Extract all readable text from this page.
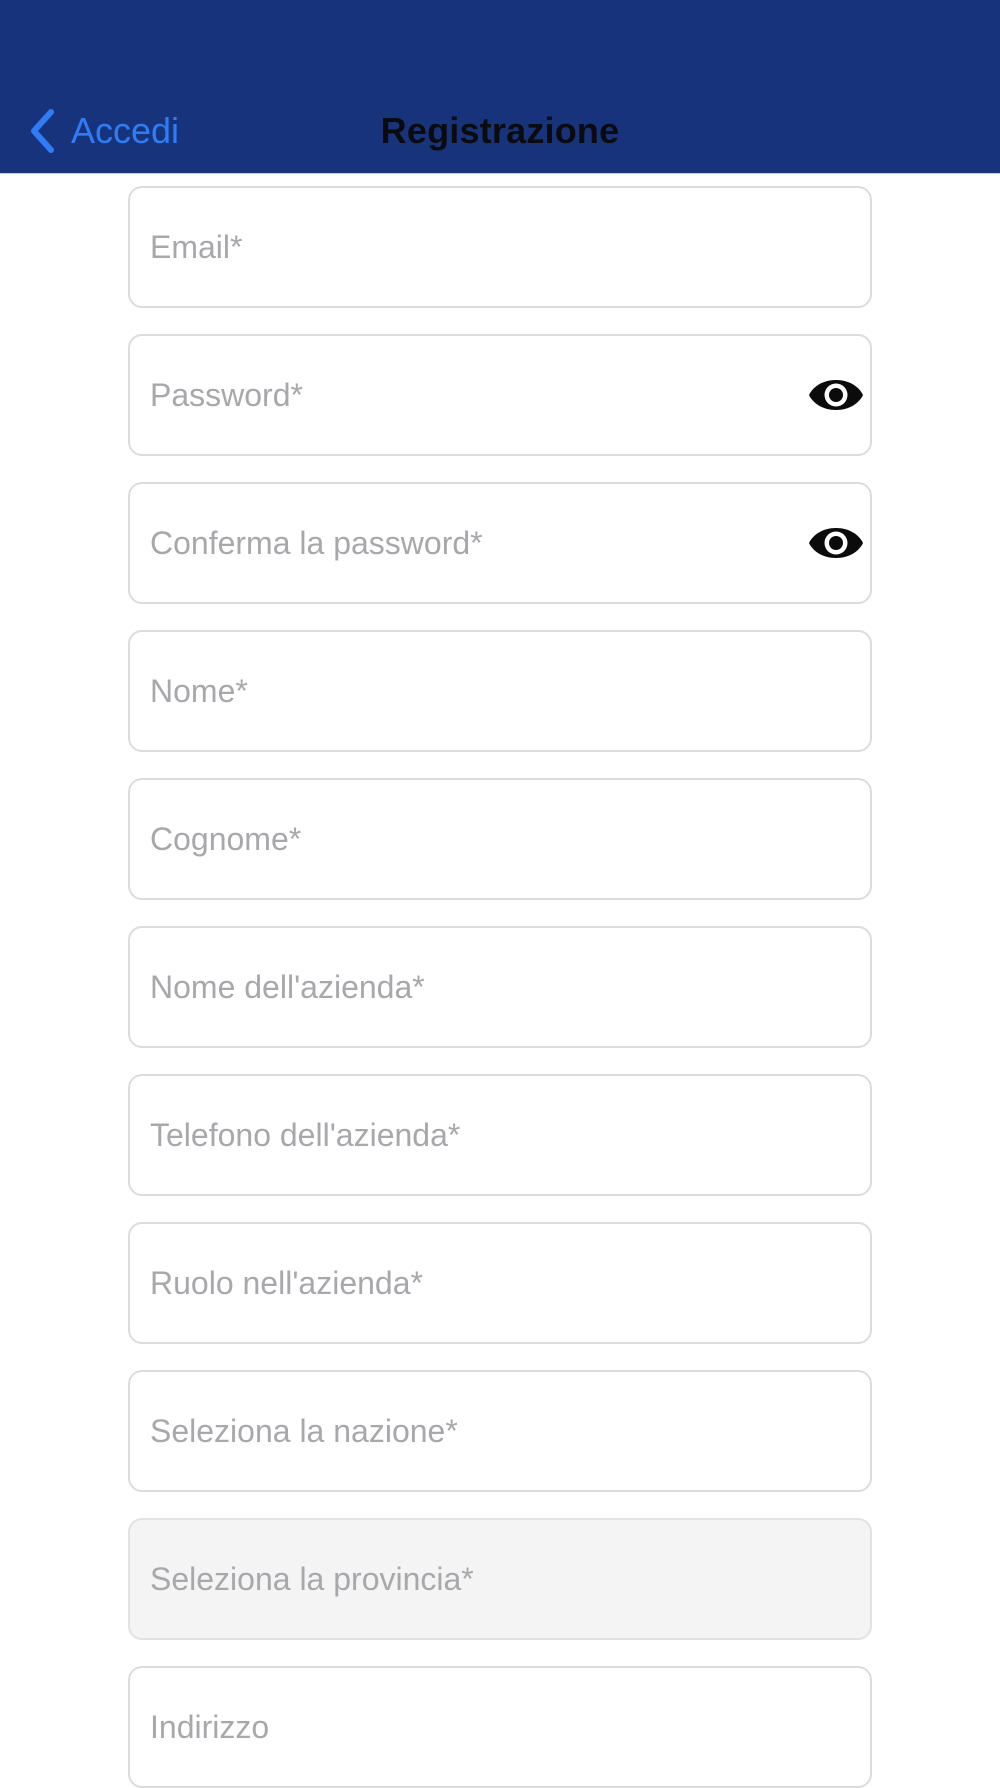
Accedi	Registrazione
Email*
Nome*
Cognome*
Nome dell'azienda*
Telefono dell'azienda*
Ruolo nell'azienda*
Seleziona la nazione*
Seleziona la provincia*
Indirizzo
